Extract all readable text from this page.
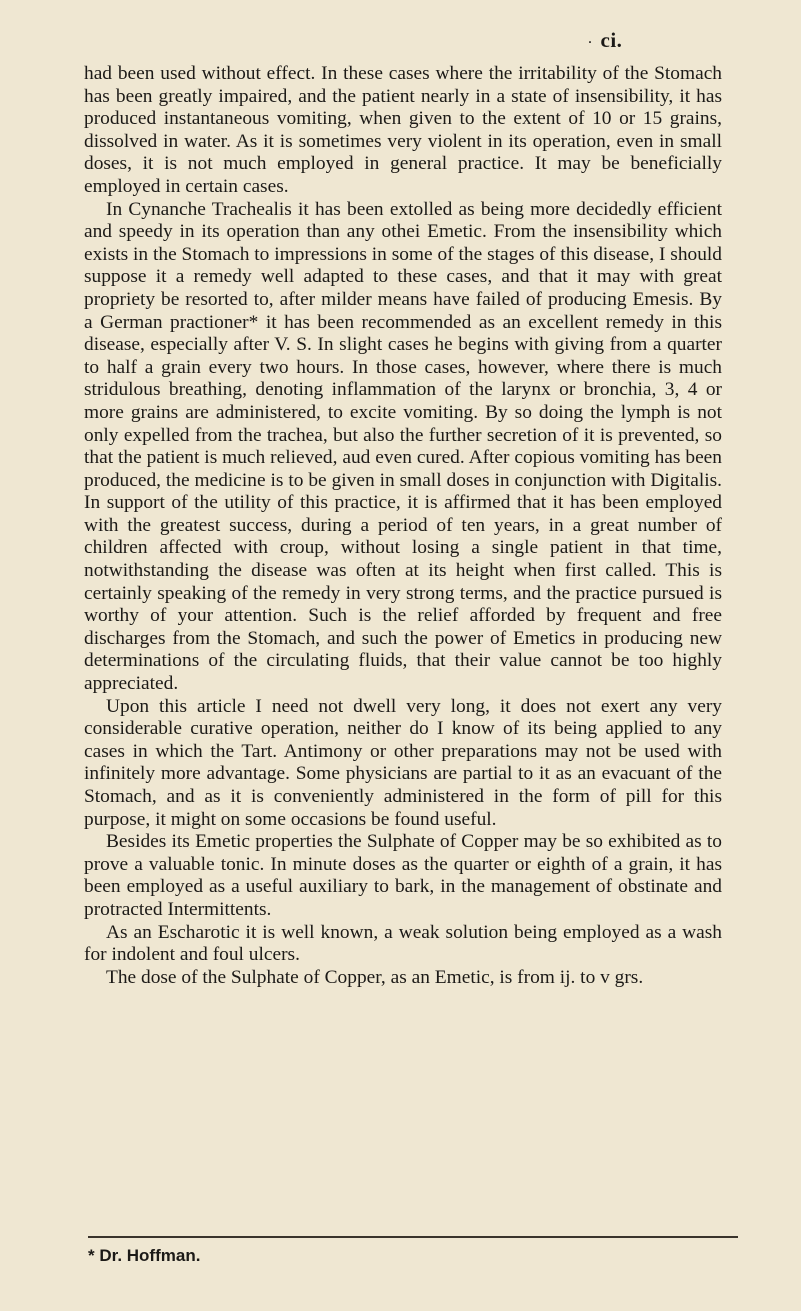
· ci.

had been used without effect. In these cases where the irritability of the Stomach has been greatly impaired, and the patient nearly in a state of insensibility, it has produced instantaneous vomiting, when given to the extent of 10 or 15 grains, dissolved in water. As it is sometimes very violent in its operation, even in small doses, it is not much employed in general practice. It may be beneficially employed in certain cases.

In Cynanche Trachealis it has been extolled as being more decidedly efficient and speedy in its operation than any othei Emetic. From the insensibility which exists in the Stomach to impressions in some of the stages of this disease, I should suppose it a remedy well adapted to these cases, and that it may with great propriety be resorted to, after milder means have failed of producing Emesis. By a German practioner* it has been recommended as an excellent remedy in this disease, especially after V. S. In slight cases he begins with giving from a quarter to half a grain every two hours. In those cases, however, where there is much stridulous breathing, denoting inflammation of the larynx or bronchia, 3, 4 or more grains are administered, to excite vomiting. By so doing the lymph is not only expelled from the trachea, but also the further secretion of it is prevented, so that the patient is much relieved, aud even cured. After copious vomiting has been produced, the medicine is to be given in small doses in conjunction with Digitalis. In support of the utility of this practice, it is affirmed that it has been employed with the greatest success, during a period of ten years, in a great number of children affected with croup, without losing a single patient in that time, notwithstanding the disease was often at its height when first called. This is certainly speaking of the remedy in very strong terms, and the practice pursued is worthy of your attention. Such is the relief afforded by frequent and free discharges from the Stomach, and such the power of Emetics in producing new determinations of the circulating fluids, that their value cannot be too highly appreciated.

Upon this article I need not dwell very long, it does not exert any very considerable curative operation, neither do I know of its being applied to any cases in which the Tart. Antimony or other preparations may not be used with infinitely more advantage. Some physicians are partial to it as an evacuant of the Stomach, and as it is conveniently administered in the form of pill for this purpose, it might on some occasions be found useful.

Besides its Emetic properties the Sulphate of Copper may be so exhibited as to prove a valuable tonic. In minute doses as the quarter or eighth of a grain, it has been employed as a useful auxiliary to bark, in the management of obstinate and protracted Intermittents.

As an Escharotic it is well known, a weak solution being employed as a wash for indolent and foul ulcers.

The dose of the Sulphate of Copper, as an Emetic, is from ij. to v grs.

* Dr. Hoffman.
